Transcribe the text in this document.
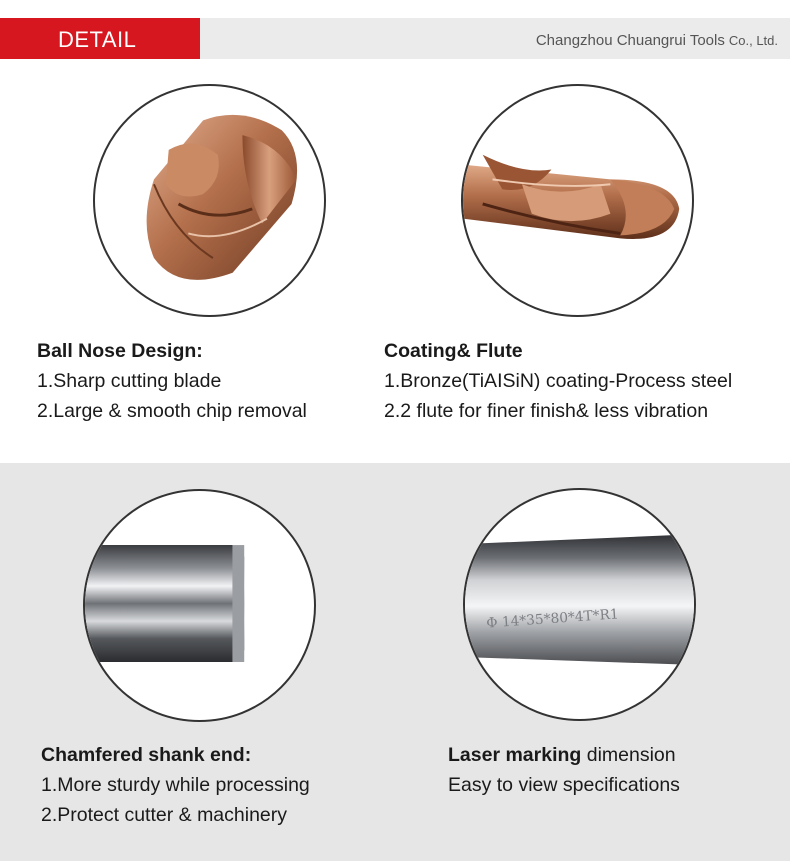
DETAIL	Changzhou Chuangrui Tools Co., Ltd.
Φ 14*35*80*4T*R1
Ball Nose Design:
1.Sharp cutting blade
2.Large & smooth chip removal
Coating& Flute
1.Bronze(TiAISiN) coating-Process steel
2.2 flute for finer finish& less vibration
Chamfered shank end:
1.More sturdy while processing
2.Protect cutter & machinery
Laser marking dimension
Easy to view specifications
